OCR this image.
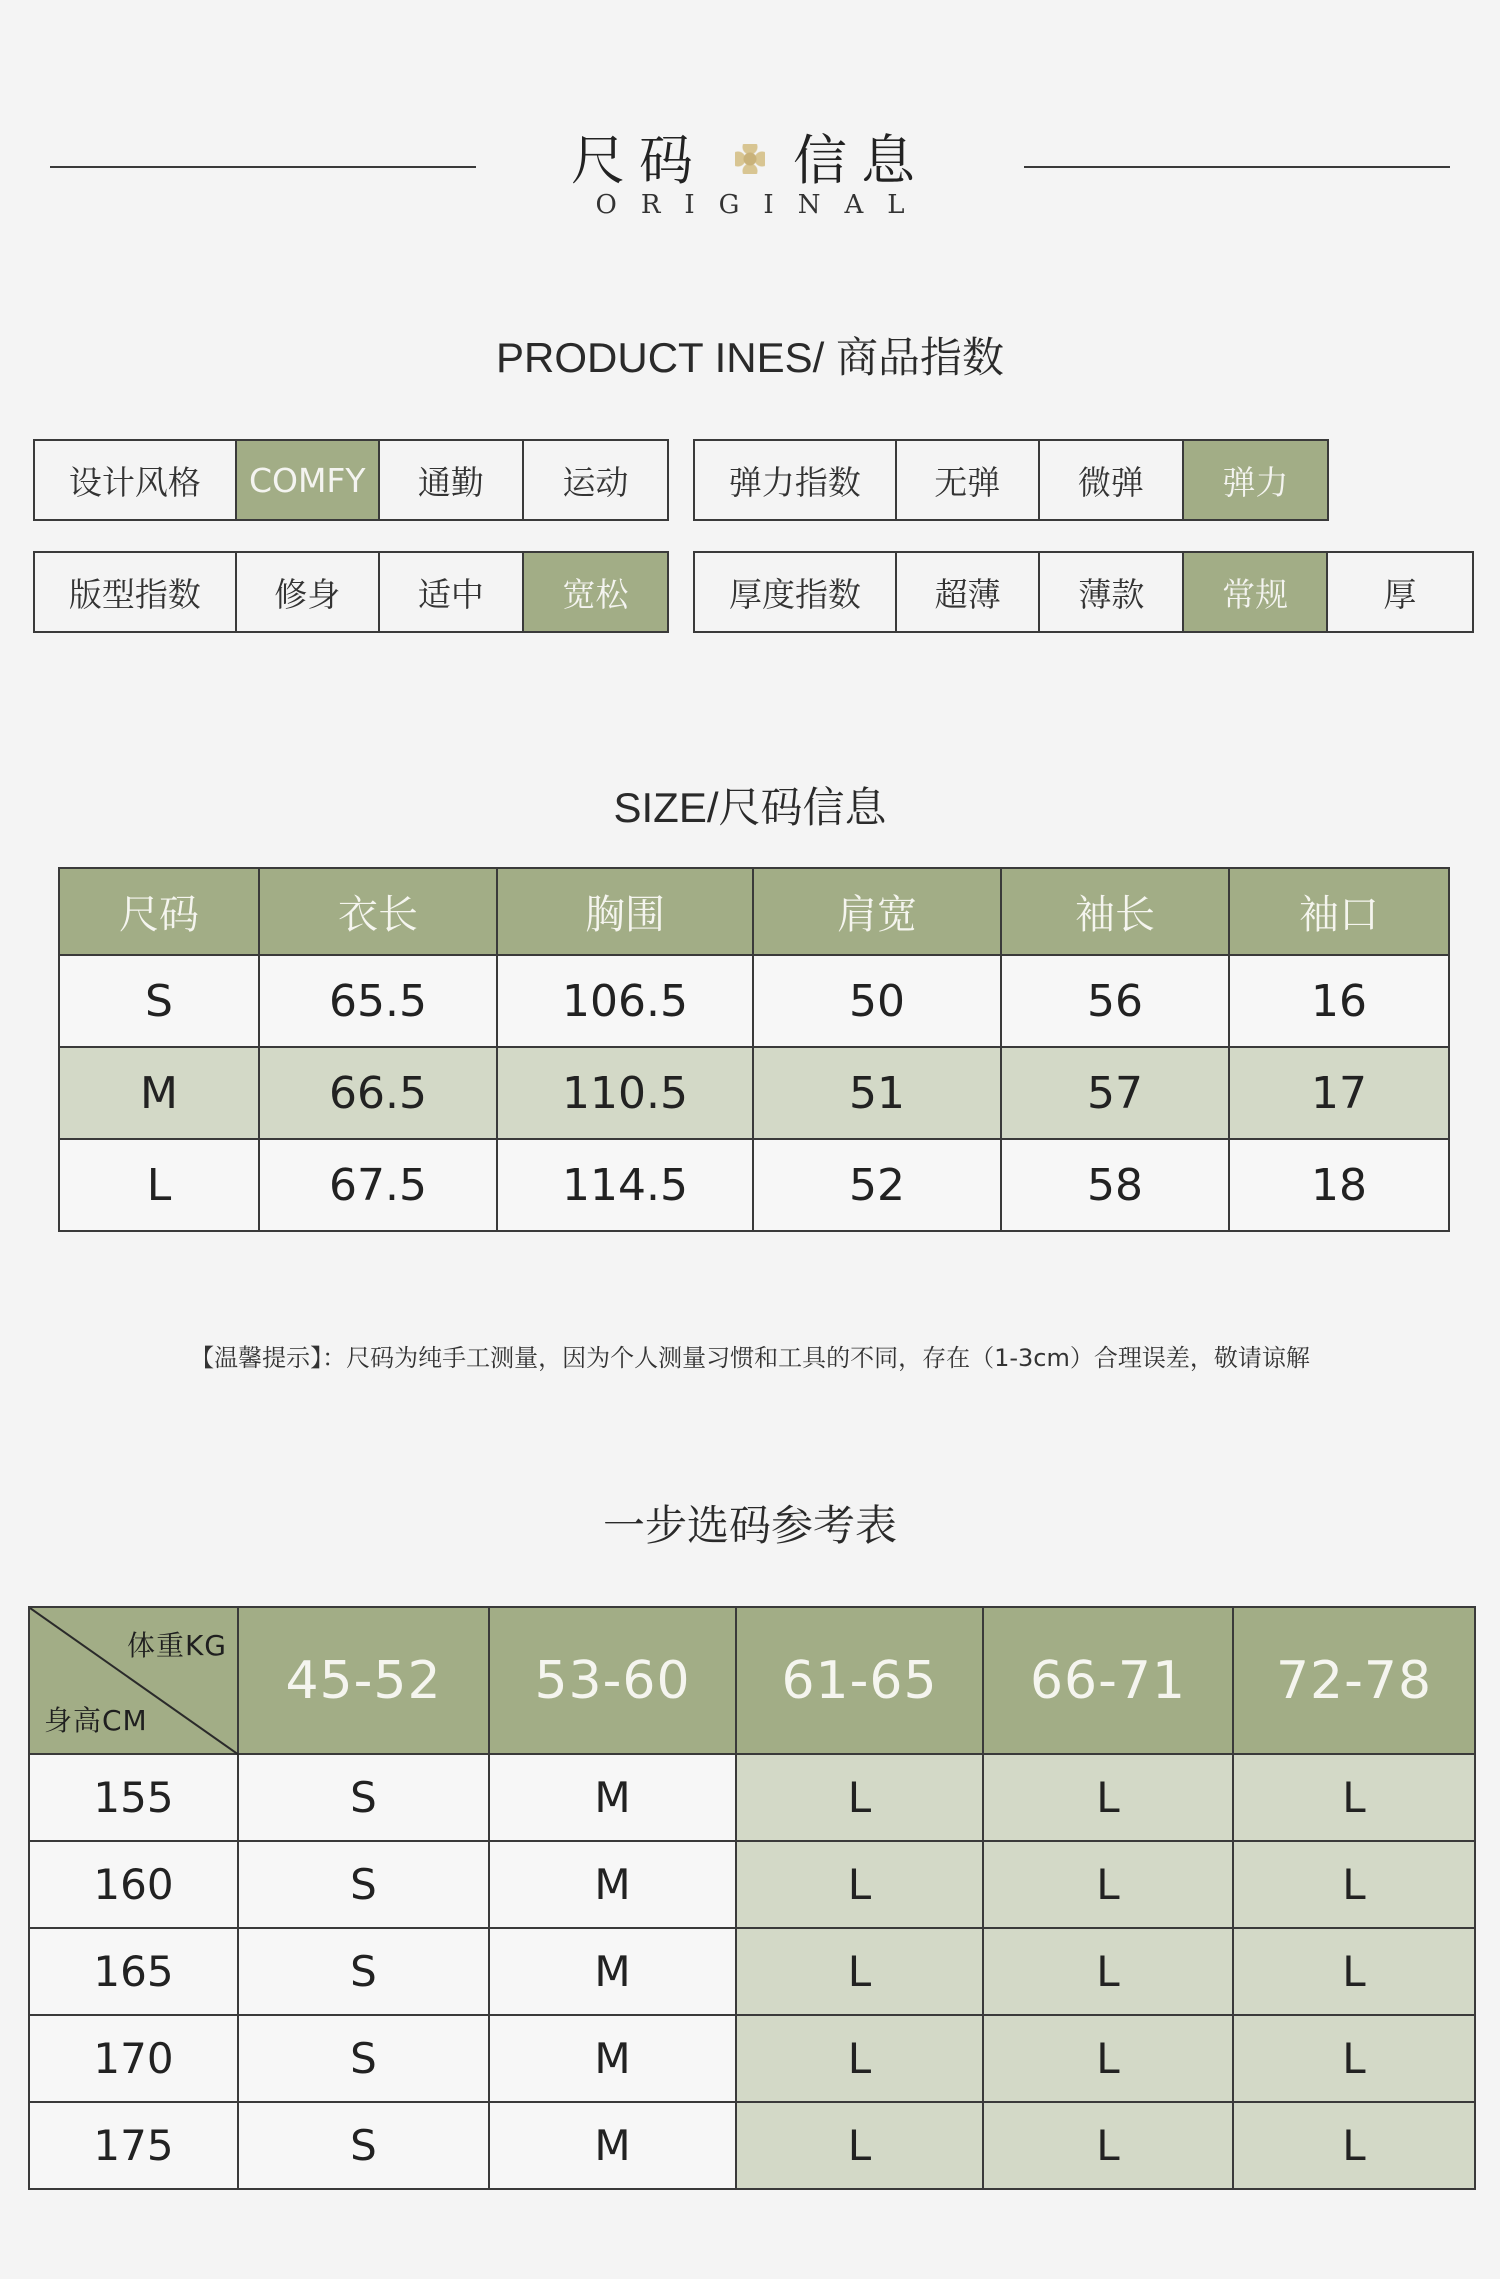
尺码 信息
ORIGINAL
PRODUCT INES/ 商品指数
设计风格	COMFY	通勤	运动	弹力指数	无弹	微弹	弹力
版型指数	修身	适中	宽松	厚度指数	超薄	薄款	常规	厚
SIZE/尺码信息
尺码	衣长	胸围	肩宽	袖长	袖口
S	65.5	106.5	50	56	16
M	66.5	110.5	51	57	17
L	67.5	114.5	52	58	18
【温馨提示】：尺码为纯手工测量，因为个人测量习惯和工具的不同，存在（1-3cm）合理误差，敬请谅解
一步选码参考表
体重KG
身高CM	45-52	53-60	61-65	66-71	72-78
155	S	M	L	L	L
160	S	M	L	L	L
165	S	M	L	L	L
170	S	M	L	L	L
175	S	M	L	L	L
